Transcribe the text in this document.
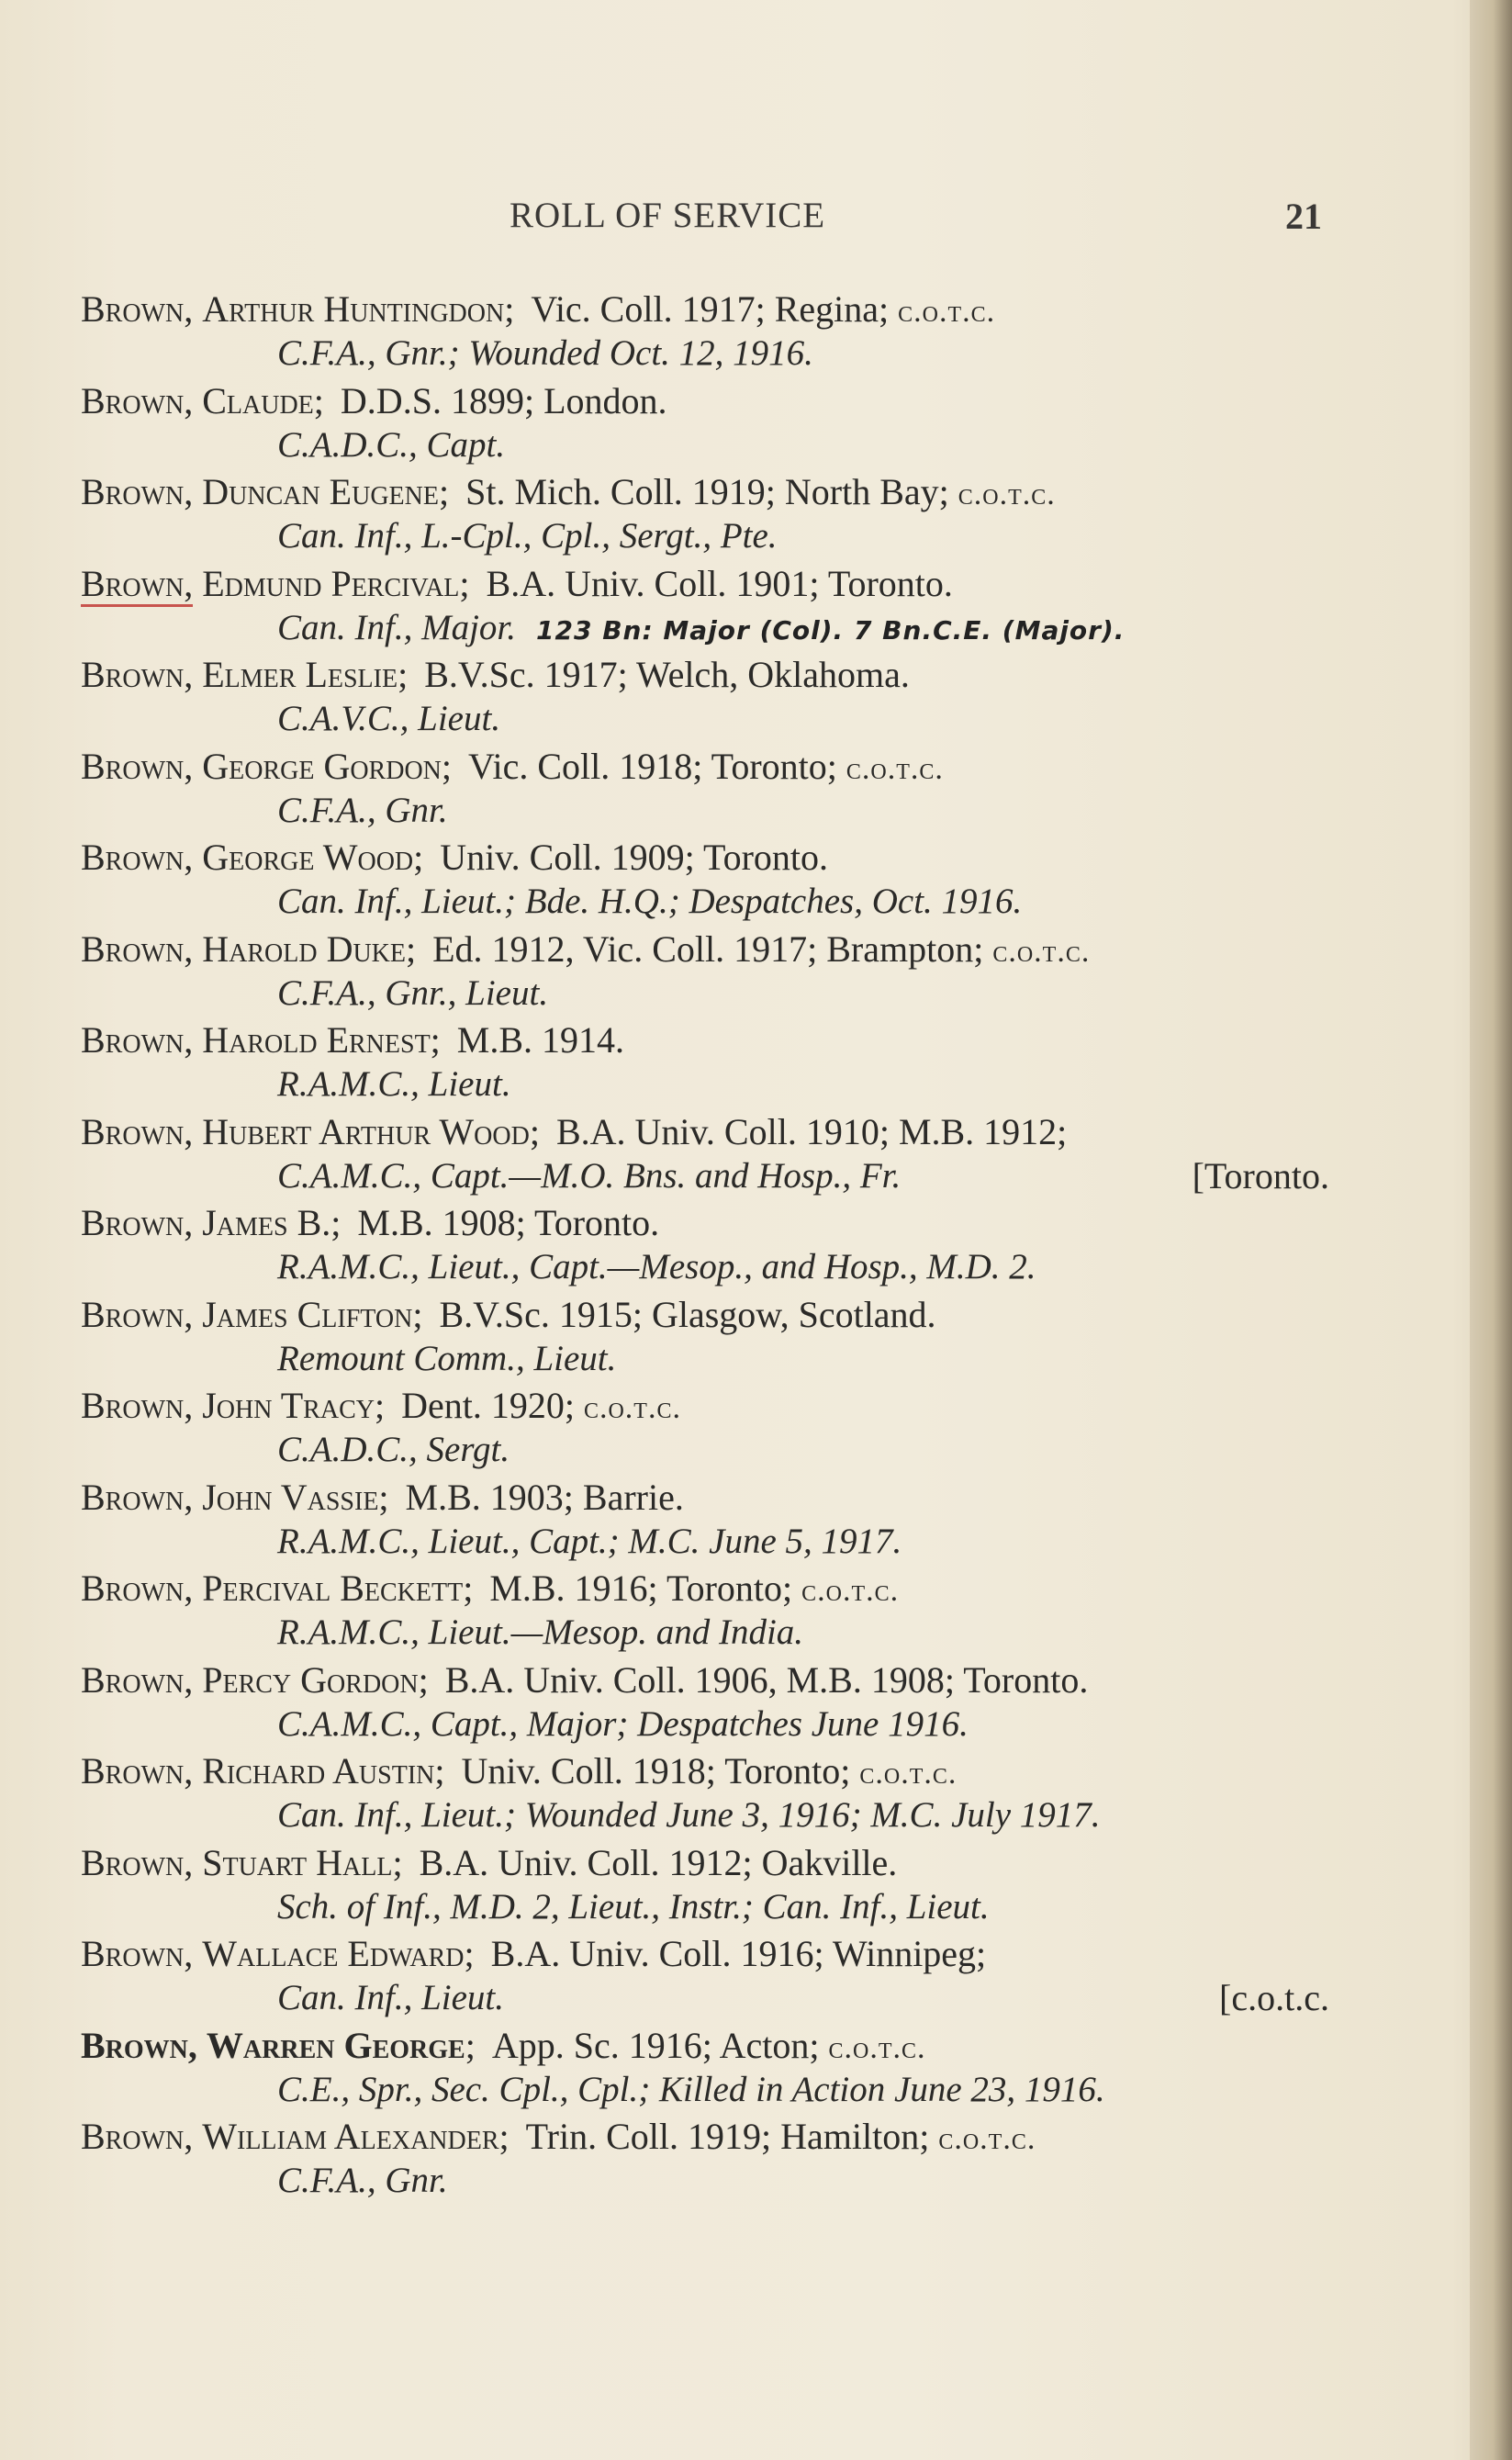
ROLL OF SERVICE	21
Brown, Arthur Huntingdon; Vic. Coll. 1917; Regina; c.o.t.c.
C.F.A., Gnr.; Wounded Oct. 12, 1916.
Brown, Claude; D.D.S. 1899; London.
C.A.D.C., Capt.
Brown, Duncan Eugene; St. Mich. Coll. 1919; North Bay; c.o.t.c.
Can. Inf., L.-Cpl., Cpl., Sergt., Pte.
Brown, Edmund Percival; B.A. Univ. Coll. 1901; Toronto.
Can. Inf., Major. 123 Bn: Major (Col). 7 Bn.C.E. (Major).
Brown, Elmer Leslie; B.V.Sc. 1917; Welch, Oklahoma.
C.A.V.C., Lieut.
Brown, George Gordon; Vic. Coll. 1918; Toronto; c.o.t.c.
C.F.A., Gnr.
Brown, George Wood; Univ. Coll. 1909; Toronto.
Can. Inf., Lieut.; Bde. H.Q.; Despatches, Oct. 1916.
Brown, Harold Duke; Ed. 1912, Vic. Coll. 1917; Brampton; c.o.t.c.
C.F.A., Gnr., Lieut.
Brown, Harold Ernest; M.B. 1914.
R.A.M.C., Lieut.
Brown, Hubert Arthur Wood; B.A. Univ. Coll. 1910; M.B. 1912;
C.A.M.C., Capt.—M.O. Bns. and Hosp., Fr.	[Toronto.
Brown, James B.; M.B. 1908; Toronto.
R.A.M.C., Lieut., Capt.—Mesop., and Hosp., M.D. 2.
Brown, James Clifton; B.V.Sc. 1915; Glasgow, Scotland.
Remount Comm., Lieut.
Brown, John Tracy; Dent. 1920; c.o.t.c.
C.A.D.C., Sergt.
Brown, John Vassie; M.B. 1903; Barrie.
R.A.M.C., Lieut., Capt.; M.C. June 5, 1917.
Brown, Percival Beckett; M.B. 1916; Toronto; c.o.t.c.
R.A.M.C., Lieut.—Mesop. and India.
Brown, Percy Gordon; B.A. Univ. Coll. 1906, M.B. 1908; Toronto.
C.A.M.C., Capt., Major; Despatches June 1916.
Brown, Richard Austin; Univ. Coll. 1918; Toronto; c.o.t.c.
Can. Inf., Lieut.; Wounded June 3, 1916; M.C. July 1917.
Brown, Stuart Hall; B.A. Univ. Coll. 1912; Oakville.
Sch. of Inf., M.D. 2, Lieut., Instr.; Can. Inf., Lieut.
Brown, Wallace Edward; B.A. Univ. Coll. 1916; Winnipeg;
Can. Inf., Lieut.	[c.o.t.c.
Brown, Warren George; App. Sc. 1916; Acton; c.o.t.c.
C.E., Spr., Sec. Cpl., Cpl.; Killed in Action June 23, 1916.
Brown, William Alexander; Trin. Coll. 1919; Hamilton; c.o.t.c.
C.F.A., Gnr.
